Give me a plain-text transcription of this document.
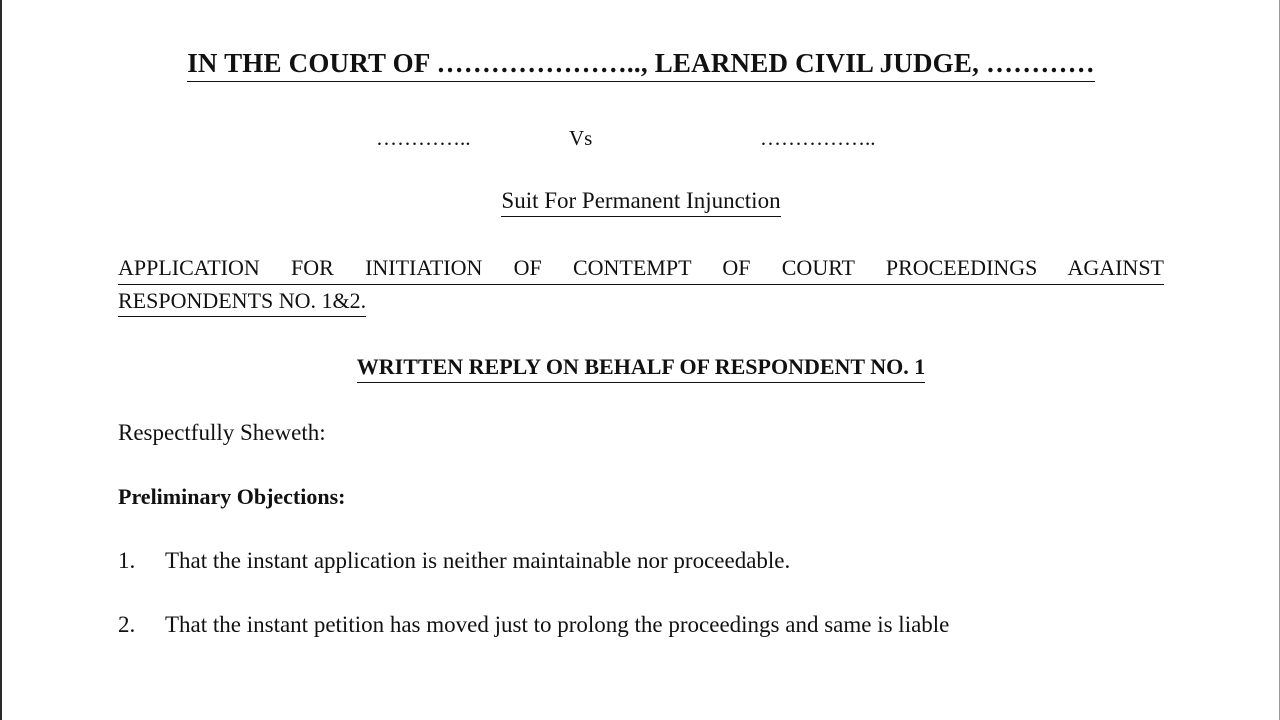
IN THE COURT OF ………………….., LEARNED CIVIL JUDGE, …………
…………..	Vs	……………..
Suit For Permanent Injunction
APPLICATION FOR INITIATION OF CONTEMPT OF COURT PROCEEDINGS AGAINST
RESPONDENTS NO. 1&2.
WRITTEN REPLY ON BEHALF OF RESPONDENT NO. 1
Respectfully Sheweth:
Preliminary Objections:
1. That the instant application is neither maintainable nor proceedable.
2. That the instant petition has moved just to prolong the proceedings and same is liable
